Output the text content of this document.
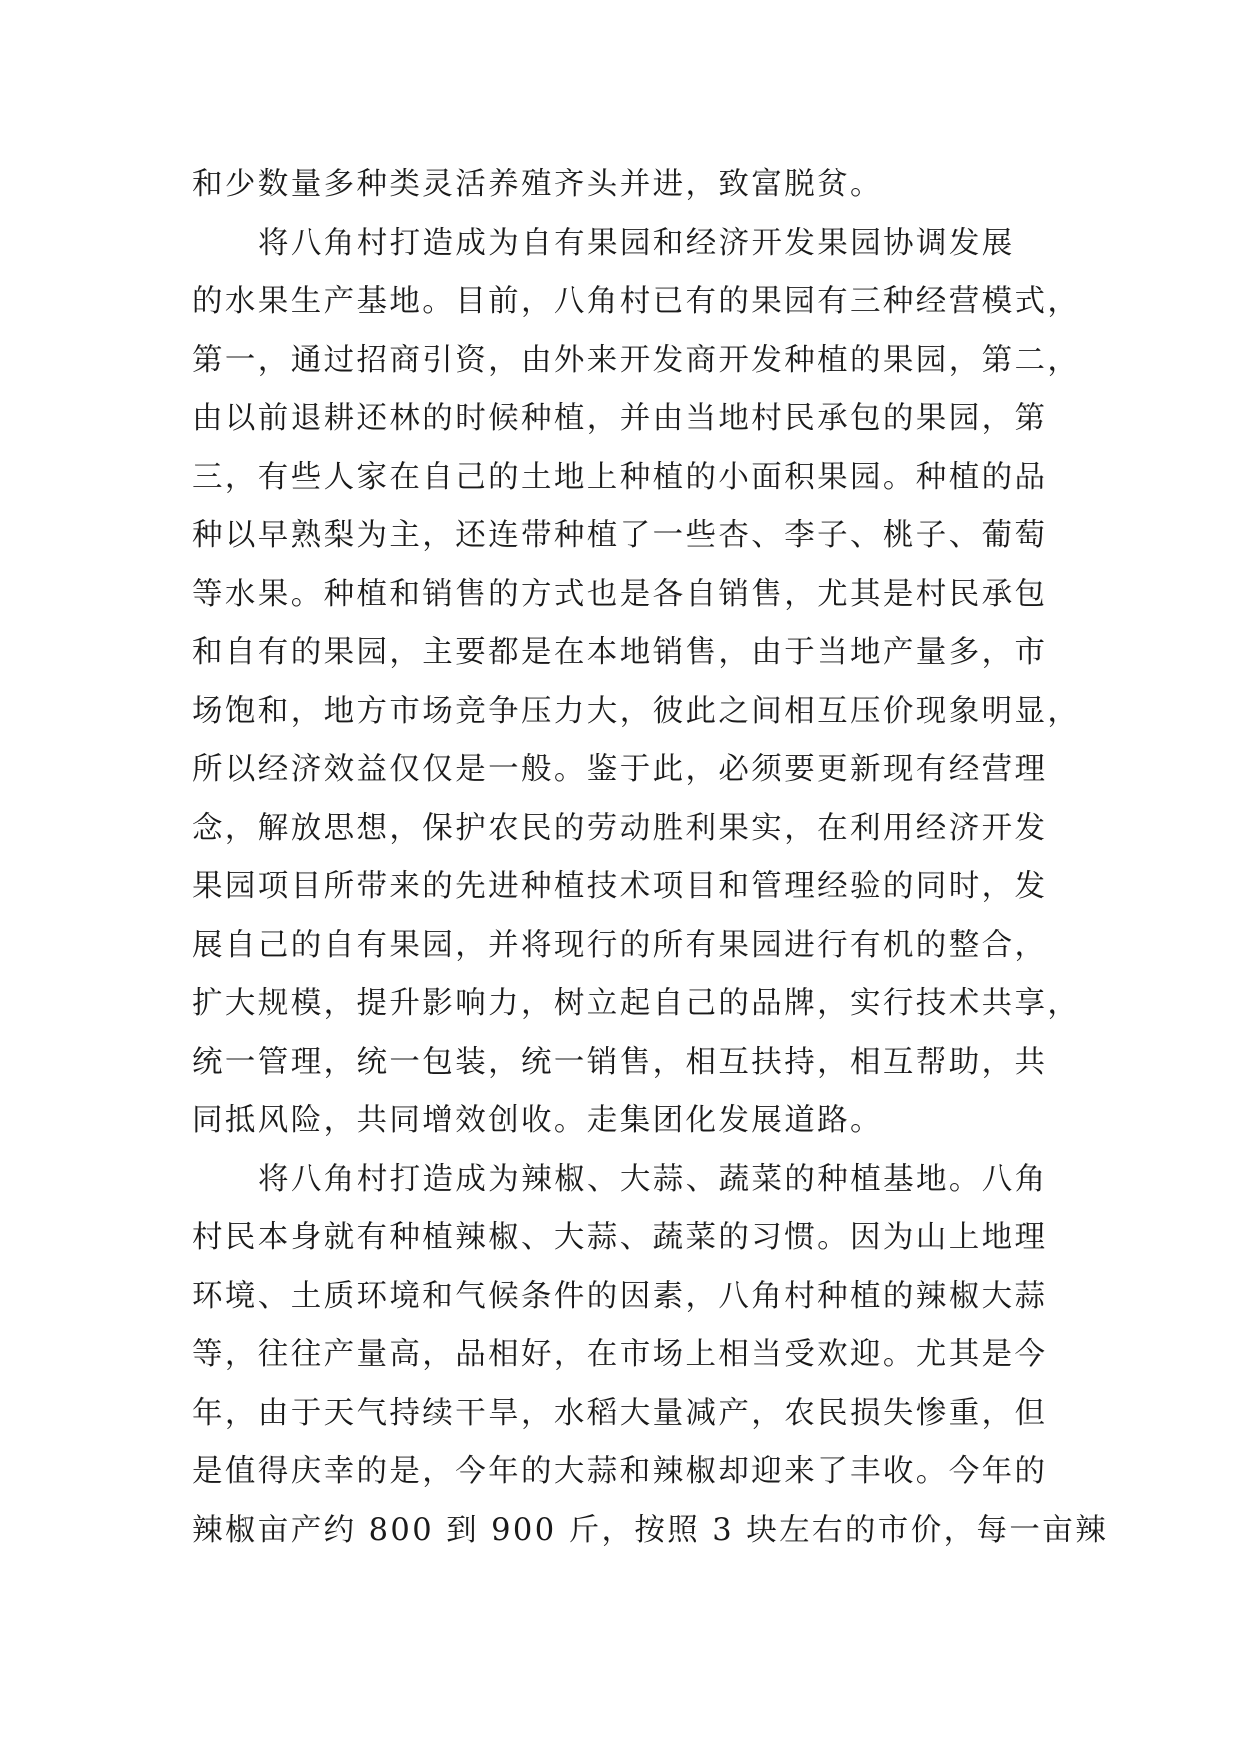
和少数量多种类灵活养殖齐头并进，致富脱贫。
将八角村打造成为自有果园和经济开发果园协调发展
的水果生产基地。目前，八角村已有的果园有三种经营模式，
第一，通过招商引资，由外来开发商开发种植的果园，第二，
由以前退耕还林的时候种植，并由当地村民承包的果园，第
三，有些人家在自己的土地上种植的小面积果园。种植的品
种以早熟梨为主，还连带种植了一些杏、李子、桃子、葡萄
等水果。种植和销售的方式也是各自销售，尤其是村民承包
和自有的果园，主要都是在本地销售，由于当地产量多，市
场饱和，地方市场竞争压力大，彼此之间相互压价现象明显，
所以经济效益仅仅是一般。鉴于此，必须要更新现有经营理
念，解放思想，保护农民的劳动胜利果实，在利用经济开发
果园项目所带来的先进种植技术项目和管理经验的同时，发
展自己的自有果园，并将现行的所有果园进行有机的整合，
扩大规模，提升影响力，树立起自己的品牌，实行技术共享，
统一管理，统一包装，统一销售，相互扶持，相互帮助，共
同抵风险，共同增效创收。走集团化发展道路。
将八角村打造成为辣椒、大蒜、蔬菜的种植基地。八角
村民本身就有种植辣椒、大蒜、蔬菜的习惯。因为山上地理
环境、土质环境和气候条件的因素，八角村种植的辣椒大蒜
等，往往产量高，品相好，在市场上相当受欢迎。尤其是今
年，由于天气持续干旱，水稻大量减产，农民损失惨重，但
是值得庆幸的是，今年的大蒜和辣椒却迎来了丰收。今年的
辣椒亩产约 800 到 900 斤，按照 3 块左右的市价，每一亩辣
